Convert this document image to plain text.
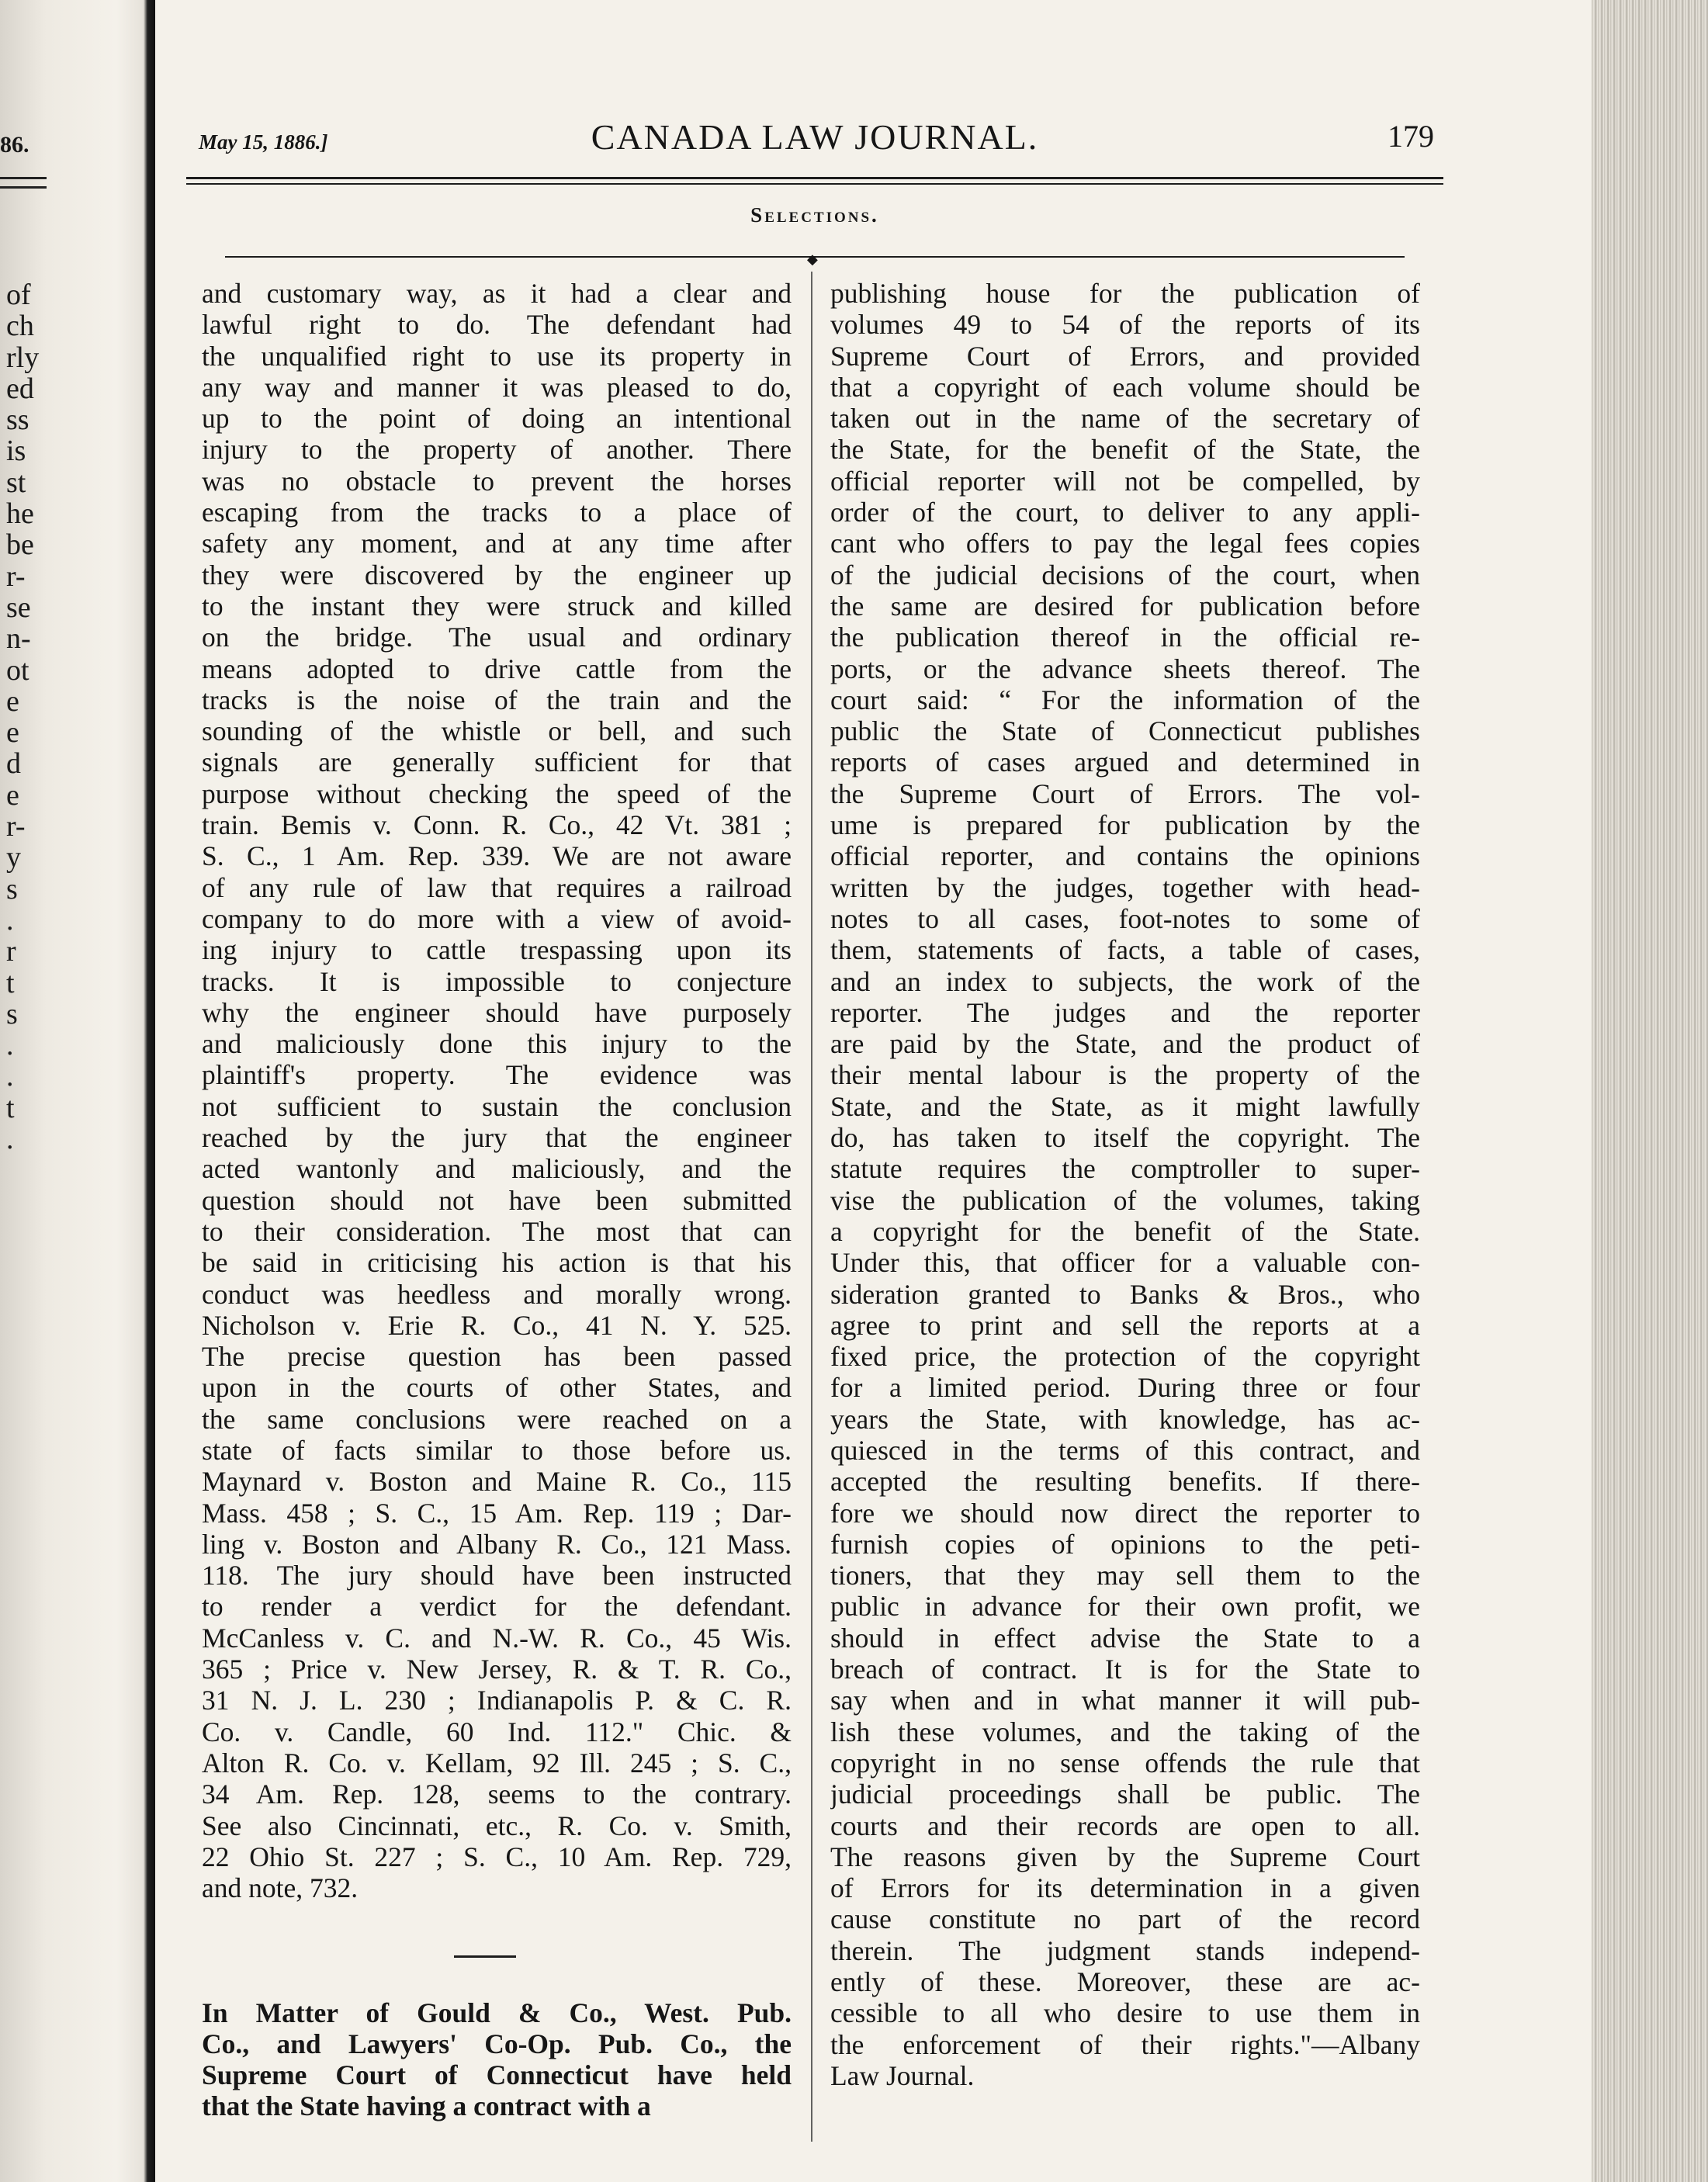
86.
of
ch
rly
ed
ss
is
st
he
be
r-
se
n-
ot
e
e
d
e
r-
y
s
.
r
t
s
.
.
t
.
May 15, 1886.]	CANADA LAW JOURNAL.	179
Selections.
◆
and customary way, as it had a clear and
lawful right to do. The defendant had
the unqualified right to use its property in
any way and manner it was pleased to do,
up to the point of doing an intentional
injury to the property of another. There
was no obstacle to prevent the horses
escaping from the tracks to a place of
safety any moment, and at any time after
they were discovered by the engineer up
to the instant they were struck and killed
on the bridge. The usual and ordinary
means adopted to drive cattle from the
tracks is the noise of the train and the
sounding of the whistle or bell, and such
signals are generally sufficient for that
purpose without checking the speed of the
train. Bemis v. Conn. R. Co., 42 Vt. 381 ;
S. C., 1 Am. Rep. 339. We are not aware
of any rule of law that requires a railroad
company to do more with a view of avoid-
ing injury to cattle trespassing upon its
tracks. It is impossible to conjecture
why the engineer should have purposely
and maliciously done this injury to the
plaintiff's property. The evidence was
not sufficient to sustain the conclusion
reached by the jury that the engineer
acted wantonly and maliciously, and the
question should not have been submitted
to their consideration. The most that can
be said in criticising his action is that his
conduct was heedless and morally wrong.
Nicholson v. Erie R. Co., 41 N. Y. 525.
The precise question has been passed
upon in the courts of other States, and
the same conclusions were reached on a
state of facts similar to those before us.
Maynard v. Boston and Maine R. Co., 115
Mass. 458 ; S. C., 15 Am. Rep. 119 ; Dar-
ling v. Boston and Albany R. Co., 121 Mass.
118. The jury should have been instructed
to render a verdict for the defendant.
McCanless v. C. and N.-W. R. Co., 45 Wis.
365 ; Price v. New Jersey, R. & T. R. Co.,
31 N. J. L. 230 ; Indianapolis P. & C. R.
Co. v. Candle, 60 Ind. 112." Chic. &
Alton R. Co. v. Kellam, 92 Ill. 245 ; S. C.,
34 Am. Rep. 128, seems to the contrary.
See also Cincinnati, etc., R. Co. v. Smith,
22 Ohio St. 227 ; S. C., 10 Am. Rep. 729,
and note, 732.
In Matter of Gould & Co., West. Pub.
Co., and Lawyers' Co-Op. Pub. Co., the
Supreme Court of Connecticut have held
that the State having a contract with a
publishing house for the publication of
volumes 49 to 54 of the reports of its
Supreme Court of Errors, and provided
that a copyright of each volume should be
taken out in the name of the secretary of
the State, for the benefit of the State, the
official reporter will not be compelled, by
order of the court, to deliver to any appli-
cant who offers to pay the legal fees copies
of the judicial decisions of the court, when
the same are desired for publication before
the publication thereof in the official re-
ports, or the advance sheets thereof. The
court said: “ For the information of the
public the State of Connecticut publishes
reports of cases argued and determined in
the Supreme Court of Errors. The vol-
ume is prepared for publication by the
official reporter, and contains the opinions
written by the judges, together with head-
notes to all cases, foot-notes to some of
them, statements of facts, a table of cases,
and an index to subjects, the work of the
reporter. The judges and the reporter
are paid by the State, and the product of
their mental labour is the property of the
State, and the State, as it might lawfully
do, has taken to itself the copyright. The
statute requires the comptroller to super-
vise the publication of the volumes, taking
a copyright for the benefit of the State.
Under this, that officer for a valuable con-
sideration granted to Banks & Bros., who
agree to print and sell the reports at a
fixed price, the protection of the copyright
for a limited period. During three or four
years the State, with knowledge, has ac-
quiesced in the terms of this contract, and
accepted the resulting benefits. If there-
fore we should now direct the reporter to
furnish copies of opinions to the peti-
tioners, that they may sell them to the
public in advance for their own profit, we
should in effect advise the State to a
breach of contract. It is for the State to
say when and in what manner it will pub-
lish these volumes, and the taking of the
copyright in no sense offends the rule that
judicial proceedings shall be public. The
courts and their records are open to all.
The reasons given by the Supreme Court
of Errors for its determination in a given
cause constitute no part of the record
therein. The judgment stands independ-
ently of these. Moreover, these are ac-
cessible to all who desire to use them in
the enforcement of their rights."—Albany
Law Journal.
